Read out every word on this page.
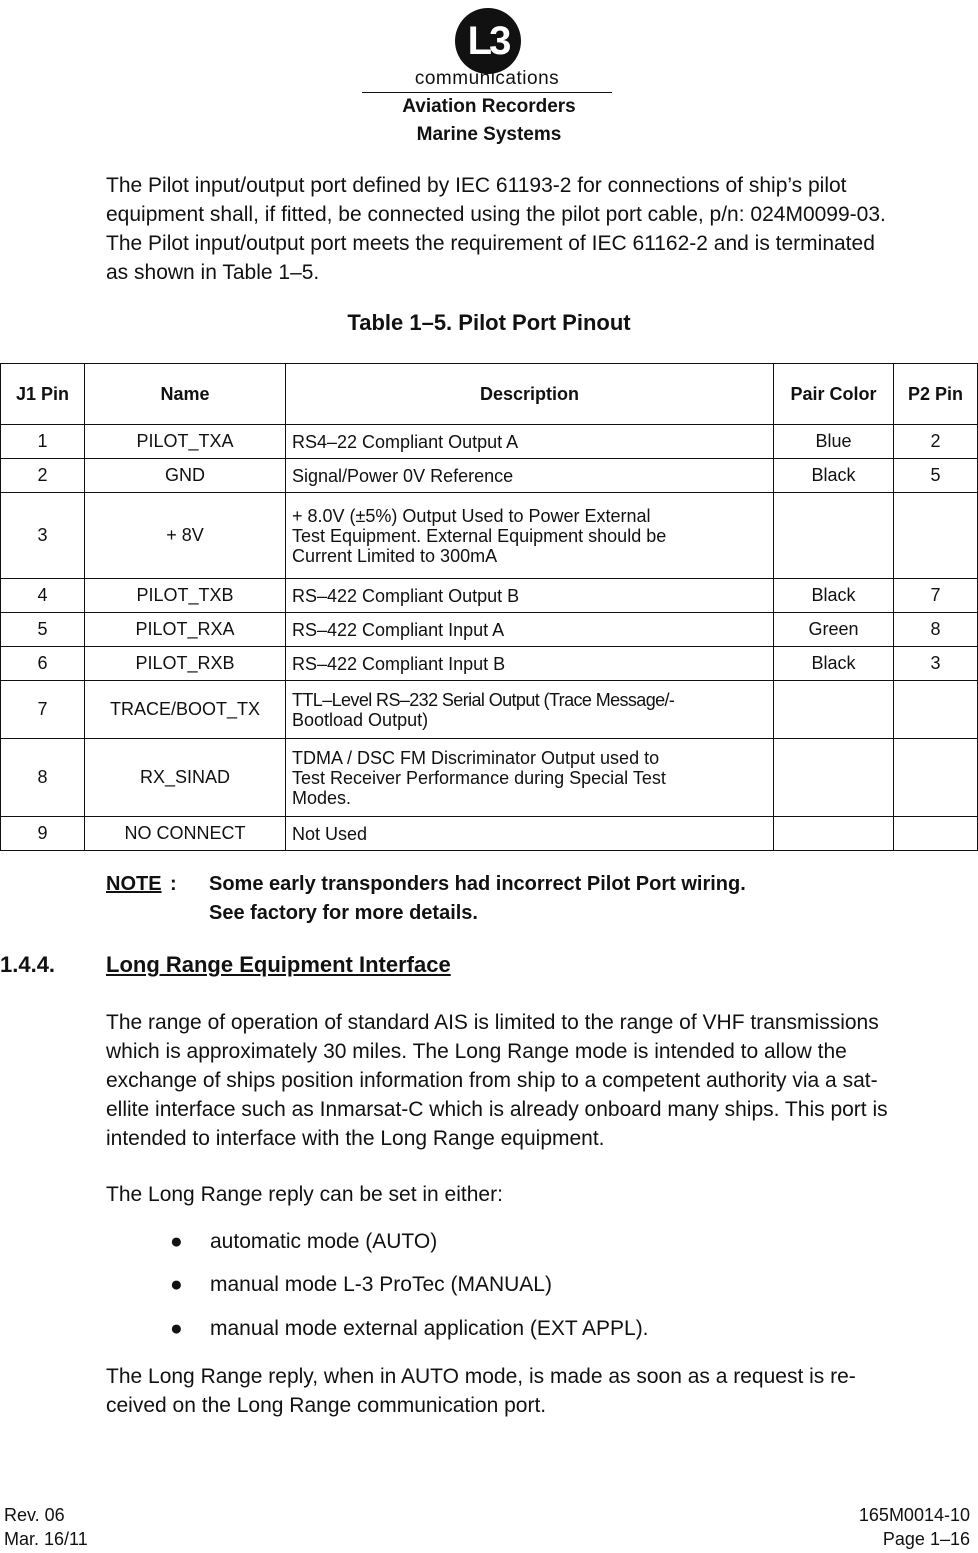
L3
communications
Aviation Recorders
Marine Systems
The Pilot input/output port defined by IEC 61193-2 for connections of ship’s pilot
equipment shall, if fitted, be connected using the pilot port cable, p/n: 024M0099-03.
The Pilot input/output port meets the requirement of IEC 61162-2 and is terminated
as shown in Table 1–5.
Table 1–5. Pilot Port Pinout
J1 Pin	Name	Description	Pair Color	P2 Pin
1	PILOT_TXA	RS4–22 Compliant Output A	Blue	2
2	GND	Signal/Power 0V Reference	Black	5
3	+ 8V	+ 8.0V (±5%) Output Used to Power External
Test Equipment. External Equipment should be
Current Limited to 300mA		

4	PILOT_TXB	RS–422 Compliant Output B	Black	7
5	PILOT_RXA	RS–422 Compliant Input A	Green	8
6	PILOT_RXB	RS–422 Compliant Input B	Black	3
7	TRACE/BOOT_TX	TTL–Level RS–232 Serial Output (Trace Message/-
Bootload Output)		

8	RX_SINAD	TDMA / DSC FM Discriminator Output used to
Test Receiver Performance during Special Test
Modes.		

9	NO CONNECT	Not Used		

NOTE : Some early transponders had incorrect Pilot Port wiring.
See factory for more details.
1.4.4. Long Range Equipment Interface
The range of operation of standard AIS is limited to the range of VHF transmissions
which is approximately 30 miles. The Long Range mode is intended to allow the
exchange of ships position information from ship to a competent authority via a sat-
ellite interface such as Inmarsat-C which is already onboard many ships. This port is
intended to interface with the Long Range equipment.
The Long Range reply can be set in either:
● automatic mode (AUTO)
● manual mode L-3 ProTec (MANUAL)
● manual mode external application (EXT APPL).
The Long Range reply, when in AUTO mode, is made as soon as a request is re-
ceived on the Long Range communication port.
Rev. 06
Mar. 16/11
165M0014-10
Page 1–16
